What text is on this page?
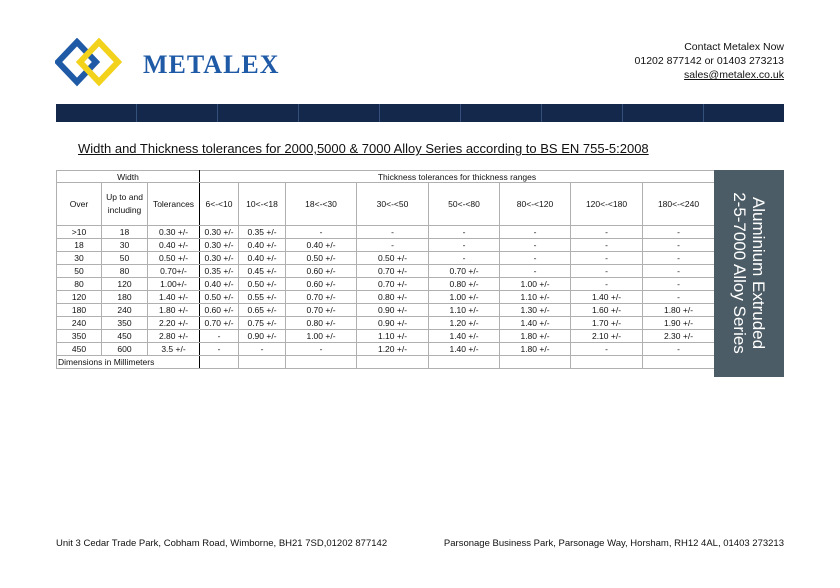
METALEX
Contact Metalex Now
01202 877142 or 01403 273213
sales@metalex.co.uk
Width and Thickness tolerances for 2000,5000 & 7000 Alloy Series according to BS EN 755-5:2008
Width			Thickness tolerances for thickness ranges							
Over	Up to and including	Tolerances	6<-<10	10<-<18	18<-<30	30<-<50	50<-<80	80<-<120	120<-<180	180<-<240
>10	18	0.30 +/-	0.30 +/-	0.35 +/-	-	-	-	-	-	-
18	30	0.40 +/-	0.30 +/-	0.40 +/-	0.40 +/-	-	-	-	-	-
30	50	0.50 +/-	0.30 +/-	0.40 +/-	0.50 +/-	0.50 +/-	-	-	-	-
50	80	0.70+/-	0.35 +/-	0.45 +/-	0.60 +/-	0.70 +/-	0.70 +/-	-	-	-
80	120	1.00+/-	0.40 +/-	0.50 +/-	0.60 +/-	0.70 +/-	0.80 +/-	1.00 +/-	-	-
120	180	1.40 +/-	0.50 +/-	0.55 +/-	0.70 +/-	0.80 +/-	1.00 +/-	1.10 +/-	1.40 +/-	-
180	240	1.80 +/-	0.60 +/-	0.65 +/-	0.70 +/-	0.90 +/-	1.10 +/-	1.30 +/-	1.60 +/-	1.80 +/-
240	350	2.20 +/-	0.70 +/-	0.75 +/-	0.80 +/-	0.90 +/-	1.20 +/-	1.40 +/-	1.70 +/-	1.90 +/-
350	450	2.80 +/-	-	0.90 +/-	1.00 +/-	1.10 +/-	1.40 +/-	1.80 +/-	2.10 +/-	2.30 +/-
450	600	3.5 +/-	-	-	-	1.20 +/-	1.40 +/-	1.80 +/-	-	-
Dimensions in Millimeters										
Aluminium Extruded
2-5-7000 Alloy Series
Unit 3 Cedar Trade Park, Cobham Road, Wimborne, BH21 7SD,01202 877142	Parsonage Business Park, Parsonage Way, Horsham, RH12 4AL, 01403 273213
